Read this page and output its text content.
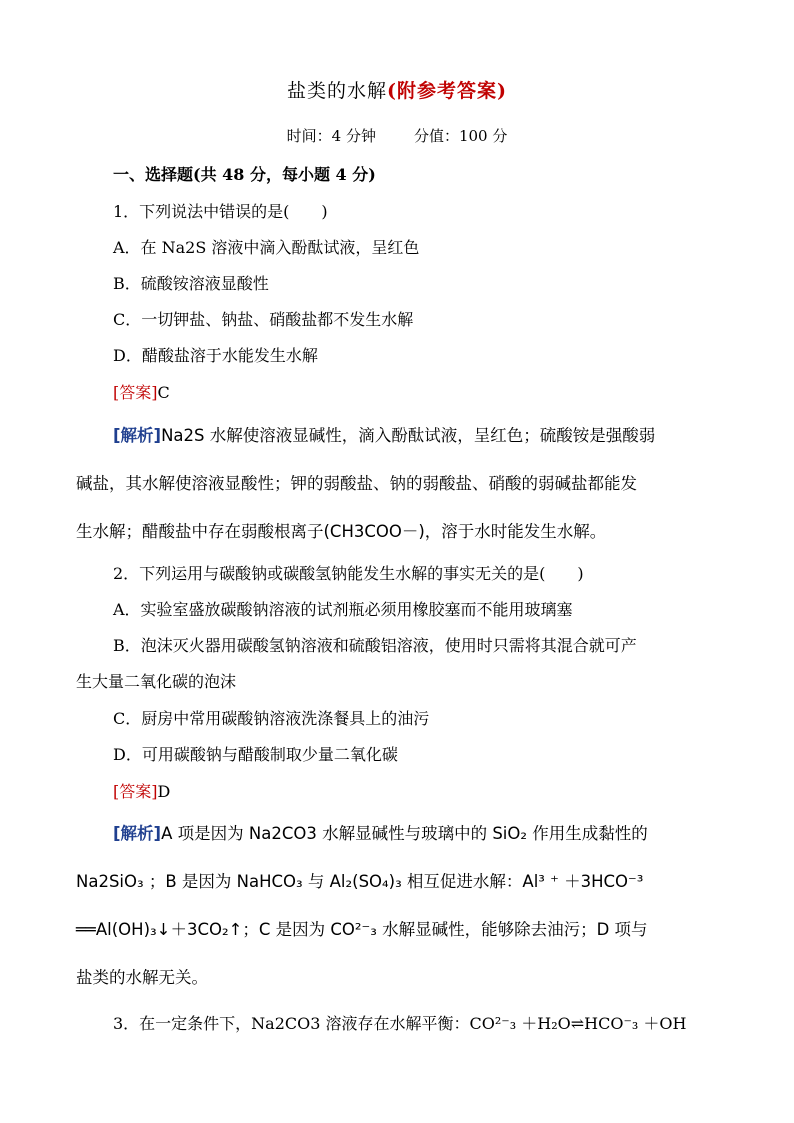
盐类的水解(附参考答案)
时间：4 分钟	分值：100 分
一、选择题(共 48 分，每小题 4 分)
1．下列说法中错误的是(　　)
A．在 Na2S 溶液中滴入酚酞试液，呈红色
B．硫酸铵溶液显酸性
C．一切钾盐、钠盐、硝酸盐都不发生水解
D．醋酸盐溶于水能发生水解
[答案]C
[解析]Na2S 水解使溶液显碱性，滴入酚酞试液，呈红色；硫酸铵是强酸弱
碱盐，其水解使溶液显酸性；钾的弱酸盐、钠的弱酸盐、硝酸的弱碱盐都能发
生水解；醋酸盐中存在弱酸根离子(CH3COO－)，溶于水时能发生水解。
2．下列运用与碳酸钠或碳酸氢钠能发生水解的事实无关的是(　　)
A．实验室盛放碳酸钠溶液的试剂瓶必须用橡胶塞而不能用玻璃塞
B．泡沫灭火器用碳酸氢钠溶液和硫酸铝溶液，使用时只需将其混合就可产
生大量二氧化碳的泡沫
C．厨房中常用碳酸钠溶液洗涤餐具上的油污
D．可用碳酸钠与醋酸制取少量二氧化碳
[答案]D
[解析]A 项是因为 Na2CO3 水解显碱性与玻璃中的 SiO₂ 作用生成黏性的
Na2SiO₃ ；B 是因为 NaHCO₃ 与 Al₂(SO₄)₃ 相互促进水解：Al³ ⁺ ＋3HCO⁻³
══Al(OH)₃↓＋3CO₂↑；C 是因为 CO²⁻₃ 水解显碱性，能够除去油污；D 项与
盐类的水解无关。
3．在一定条件下，Na2CO3 溶液存在水解平衡：CO²⁻₃ ＋H₂O⇌HCO⁻₃ ＋OH
